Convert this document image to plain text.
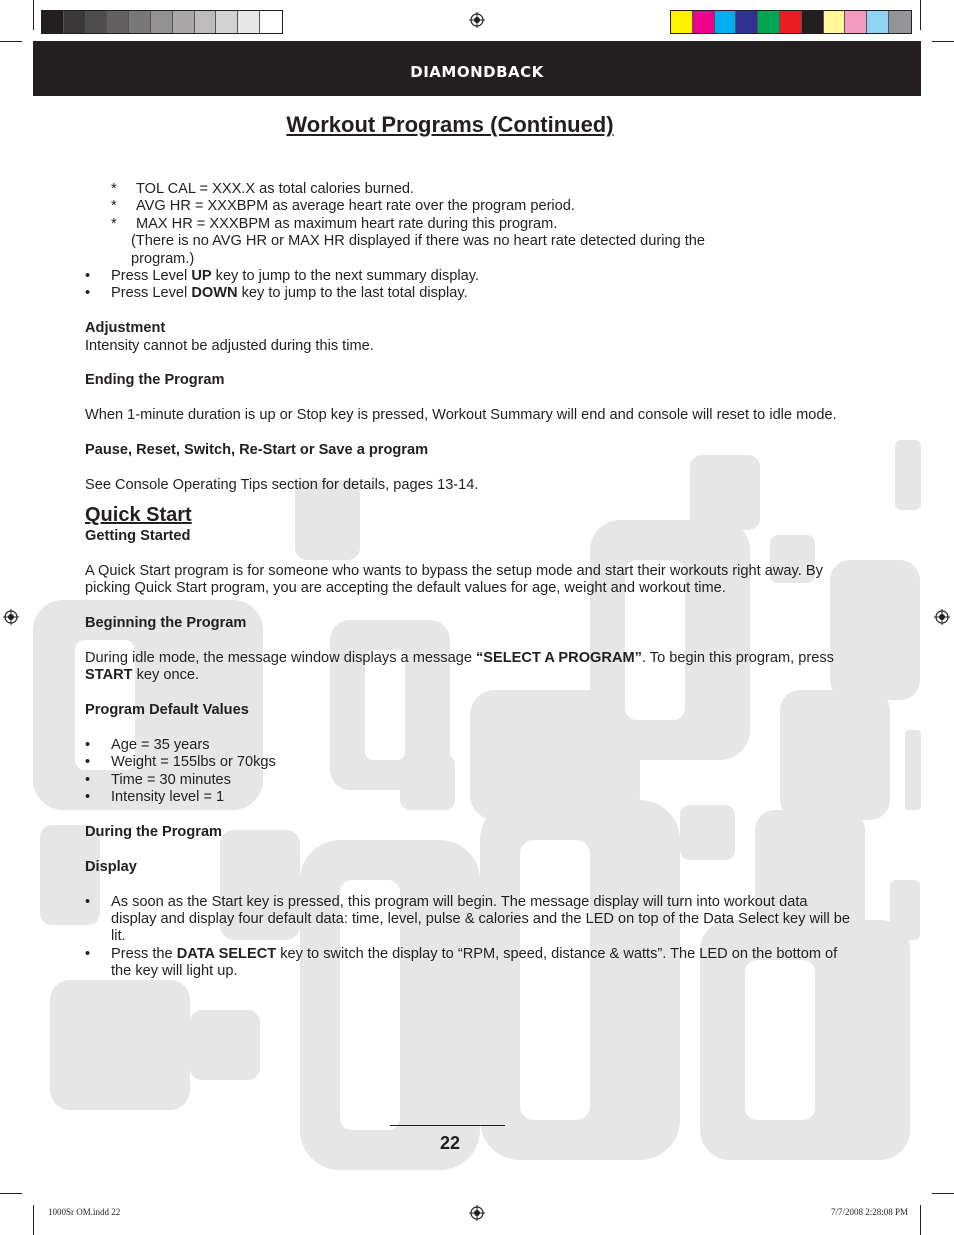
DIAMONDBACK
Workout Programs (Continued)

* TOL CAL = XXX.X as total calories burned.

* AVG HR = XXXBPM as average heart rate over the program period.

* MAX HR = XXXBPM as maximum heart rate during this program.

(There is no AVG HR or MAX HR displayed if there was no heart rate detected during the
program.)

• Press Level UP key to jump to the next summary display.

• Press Level DOWN key to jump to the last total display.

Adjustment

Intensity cannot be adjusted during this time.

Ending the Program

When 1-minute duration is up or Stop key is pressed, Workout Summary will end and console will reset to idle mode.

Pause, Reset, Switch, Re-Start or Save a program

See Console Operating Tips section for details, pages 13-14.

Quick Start

Getting Started

A Quick Start program is for someone who wants to bypass the setup mode and start their workouts right away. By picking Quick Start program, you are accepting the default values for age, weight and workout time.

Beginning the Program

During idle mode, the message window displays a message “SELECT A PROGRAM”. To begin this program, press START key once.

Program Default Values

• Age = 35 years

• Weight = 155lbs or 70kgs

• Time = 30 minutes

• Intensity level = 1

During the Program

Display

• As soon as the Start key is pressed, this program will begin. The message display will turn into workout data display and display four default data: time, level, pulse & calories and the LED on top of the Data Select key will be lit.

• Press the DATA SELECT key to switch the display to “RPM, speed, distance & watts”. The LED on the bottom of the key will light up.

22
1000Sr OM.indd 22	7/7/2008 2:28:08 PM
